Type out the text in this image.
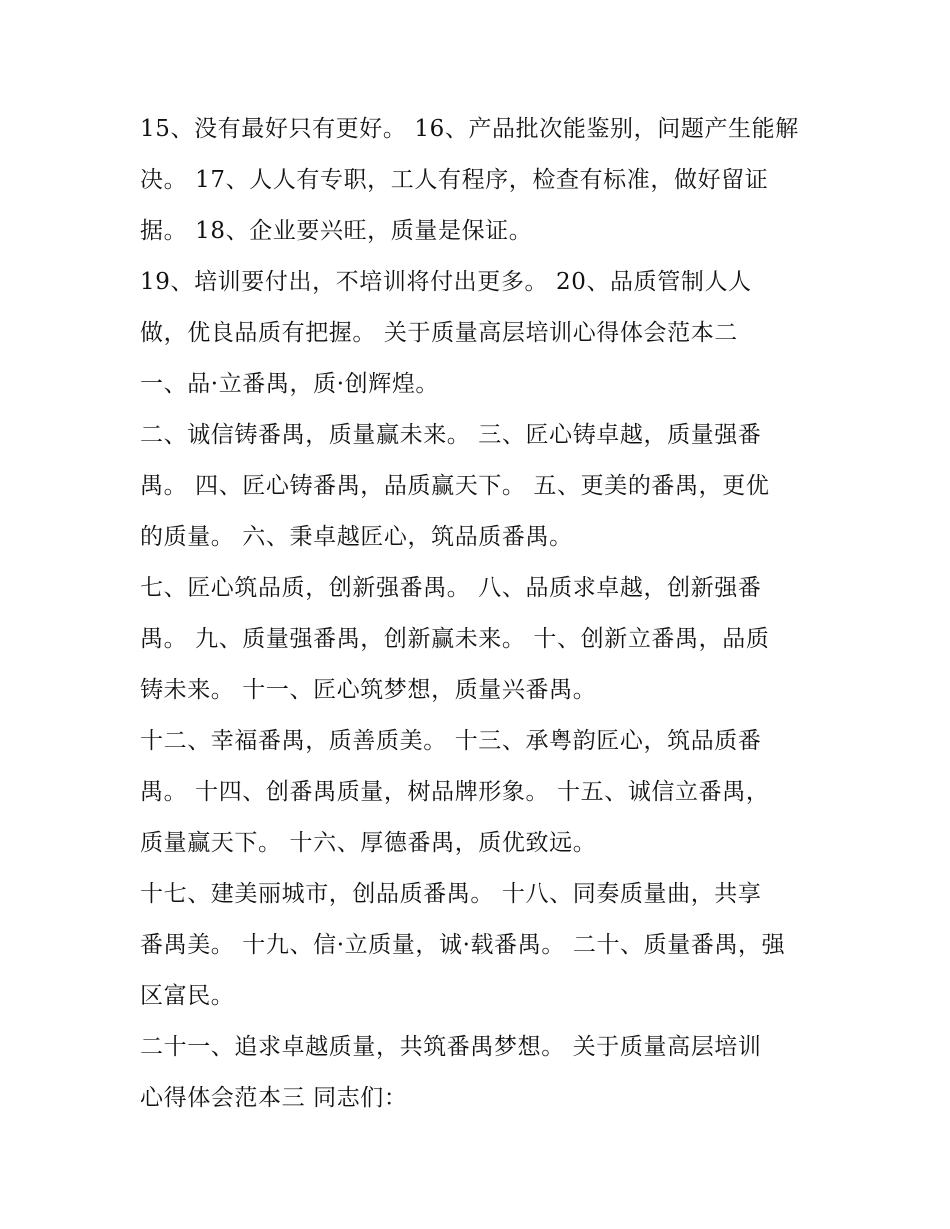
15、没有最好只有更好。 16、产品批次能鉴别，问题产生能解
决。 17、人人有专职，工人有程序，检查有标准，做好留证
据。 18、企业要兴旺，质量是保证。
19、培训要付出，不培训将付出更多。 20、品质管制人人
做，优良品质有把握。 关于质量高层培训心得体会范本二
一、品·立番禺，质·创辉煌。
二、诚信铸番禺，质量赢未来。 三、匠心铸卓越，质量强番
禺。 四、匠心铸番禺，品质赢天下。 五、更美的番禺，更优
的质量。 六、秉卓越匠心，筑品质番禺。
七、匠心筑品质，创新强番禺。 八、品质求卓越，创新强番
禺。 九、质量强番禺，创新赢未来。 十、创新立番禺，品质
铸未来。 十一、匠心筑梦想，质量兴番禺。
十二、幸福番禺，质善质美。 十三、承粤韵匠心，筑品质番
禺。 十四、创番禺质量，树品牌形象。 十五、诚信立番禺，
质量赢天下。 十六、厚德番禺，质优致远。
十七、建美丽城市，创品质番禺。 十八、同奏质量曲，共享
番禺美。 十九、信·立质量，诚·载番禺。 二十、质量番禺，强
区富民。
二十一、追求卓越质量，共筑番禺梦想。 关于质量高层培训
心得体会范本三 同志们：
